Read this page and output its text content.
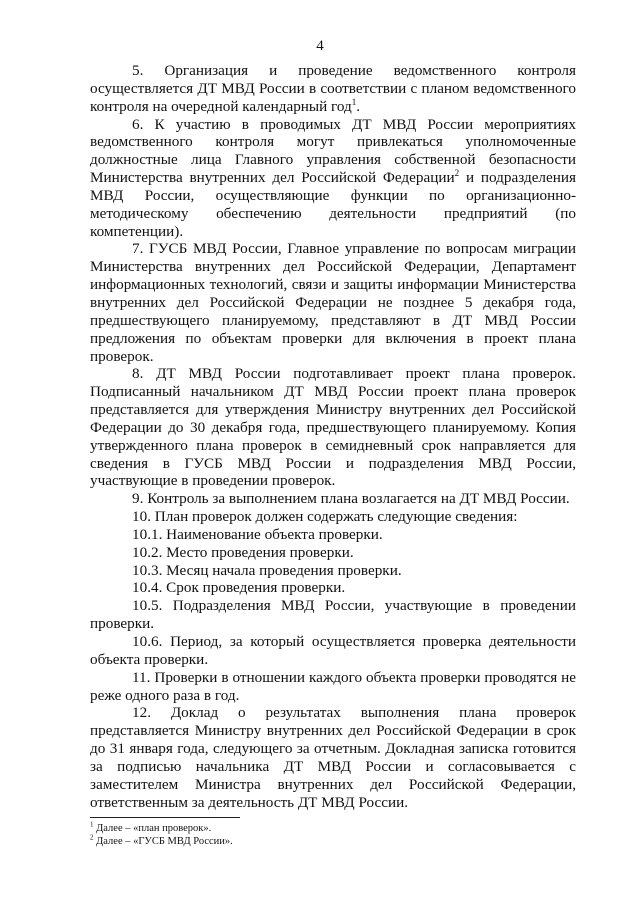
4

5. Организация и проведение ведомственного контроля осуществляется ДТ МВД России в соответствии с планом ведомственного контроля на очередной календарный год$^1$.

6. К участию в проводимых ДТ МВД России мероприятиях ведомственного контроля могут привлекаться уполномоченные должностные лица Главного управления собственной безопасности Министерства внутренних дел Российской Федерации$^2$ и подразделения МВД России, осуществляющие функции по организационно-методическому обеспечению деятельности предприятий (по компетенции).

7. ГУСБ МВД России, Главное управление по вопросам миграции Министерства внутренних дел Российской Федерации, Департамент информационных технологий, связи и защиты информации Министерства внутренних дел Российской Федерации не позднее 5 декабря года, предшествующего планируемому, представляют в ДТ МВД России предложения по объектам проверки для включения в проект плана проверок.

8. ДТ МВД России подготавливает проект плана проверок. Подписанный начальником ДТ МВД России проект плана проверок представляется для утверждения Министру внутренних дел Российской Федерации до 30 декабря года, предшествующего планируемому. Копия утвержденного плана проверок в семидневный срок направляется для сведения в ГУСБ МВД России и подразделения МВД России, участвующие в проведении проверок.

9. Контроль за выполнением плана возлагается на ДТ МВД России.

10. План проверок должен содержать следующие сведения:

10.1. Наименование объекта проверки.

10.2. Место проведения проверки.

10.3. Месяц начала проведения проверки.

10.4. Срок проведения проверки.

10.5. Подразделения МВД России, участвующие в проведении проверки.

10.6. Период, за который осуществляется проверка деятельности объекта проверки.

11. Проверки в отношении каждого объекта проверки проводятся не реже одного раза в год.

12. Доклад о результатах выполнения плана проверок представляется Министру внутренних дел Российской Федерации в срок до 31 января года, следующего за отчетным. Докладная записка готовится за подписью начальника ДТ МВД России и согласовывается с заместителем Министра внутренних дел Российской Федерации, ответственным за деятельность ДТ МВД России.

$^1$ Далее – «план проверок».
$^2$ Далее – «ГУСБ МВД России».
